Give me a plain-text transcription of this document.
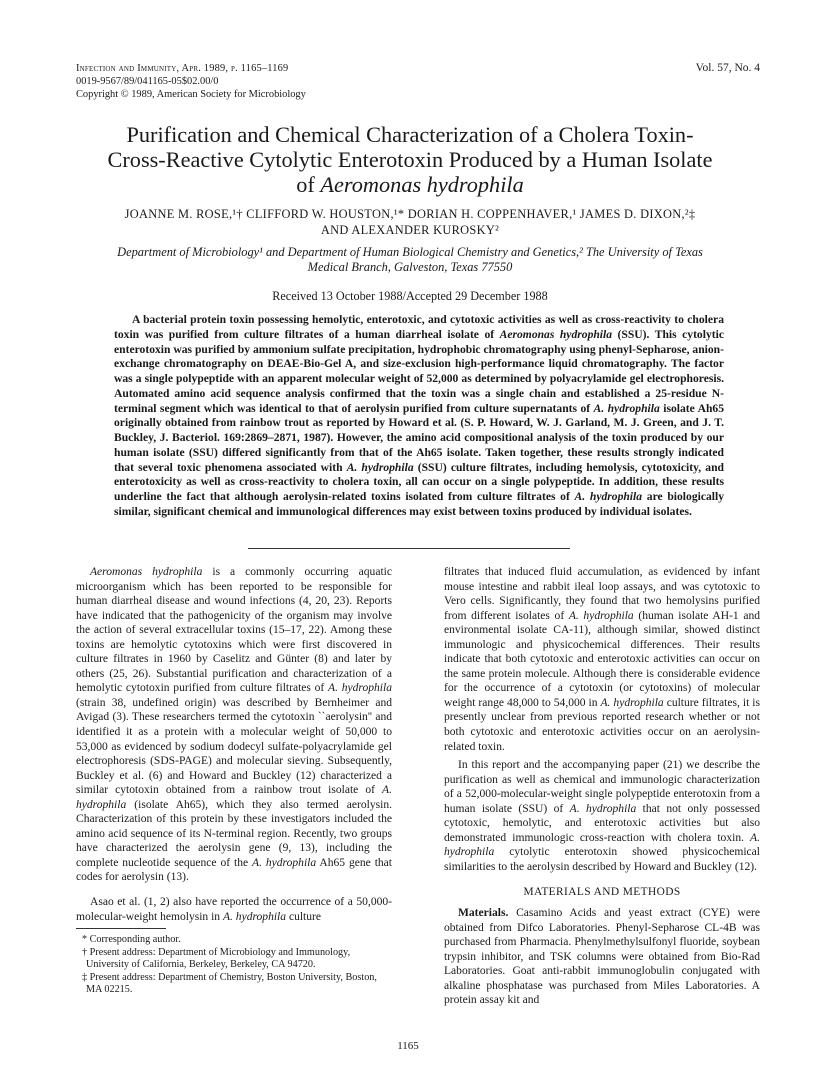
Infection and Immunity, Apr. 1989, p. 1165–1169
0019-9567/89/041165-05$02.00/0
Copyright © 1989, American Society for Microbiology
Vol. 57, No. 4
Purification and Chemical Characterization of a Cholera Toxin-
Cross-Reactive Cytolytic Enterotoxin Produced by a Human Isolate
of Aeromonas hydrophila
JOANNE M. ROSE,¹† CLIFFORD W. HOUSTON,¹* DORIAN H. COPPENHAVER,¹ JAMES D. DIXON,²‡
AND ALEXANDER KUROSKY²
Department of Microbiology¹ and Department of Human Biological Chemistry and Genetics,² The University of Texas
Medical Branch, Galveston, Texas 77550
Received 13 October 1988/Accepted 29 December 1988
A bacterial protein toxin possessing hemolytic, enterotoxic, and cytotoxic activities as well as cross-reactivity to cholera toxin was purified from culture filtrates of a human diarrheal isolate of Aeromonas hydrophila (SSU). This cytolytic enterotoxin was purified by ammonium sulfate precipitation, hydrophobic chromatography using phenyl-Sepharose, anion-exchange chromatography on DEAE-Bio-Gel A, and size-exclusion high-performance liquid chromatography. The factor was a single polypeptide with an apparent molecular weight of 52,000 as determined by polyacrylamide gel electrophoresis. Automated amino acid sequence analysis confirmed that the toxin was a single chain and established a 25-residue N-terminal segment which was identical to that of aerolysin purified from culture supernatants of A. hydrophila isolate Ah65 originally obtained from rainbow trout as reported by Howard et al. (S. P. Howard, W. J. Garland, M. J. Green, and J. T. Buckley, J. Bacteriol. 169:2869–2871, 1987). However, the amino acid compositional analysis of the toxin produced by our human isolate (SSU) differed significantly from that of the Ah65 isolate. Taken together, these results strongly indicated that several toxic phenomena associated with A. hydrophila (SSU) culture filtrates, including hemolysis, cytotoxicity, and enterotoxicity as well as cross-reactivity to cholera toxin, all can occur on a single polypeptide. In addition, these results underline the fact that although aerolysin-related toxins isolated from culture filtrates of A. hydrophila are biologically similar, significant chemical and immunological differences may exist between toxins produced by individual isolates.

Aeromonas hydrophila is a commonly occurring aquatic microorganism which has been reported to be responsible for human diarrheal disease and wound infections (4, 20, 23). Reports have indicated that the pathogenicity of the organism may involve the action of several extracellular toxins (15–17, 22). Among these toxins are hemolytic cytotoxins which were first discovered in culture filtrates in 1960 by Caselitz and Günter (8) and later by others (25, 26). Substantial purification and characterization of a hemolytic cytotoxin purified from culture filtrates of A. hydrophila (strain 38, undefined origin) was described by Bernheimer and Avigad (3). These researchers termed the cytotoxin ``aerolysin'' and identified it as a protein with a molecular weight of 50,000 to 53,000 as evidenced by sodium dodecyl sulfate-polyacrylamide gel electrophoresis (SDS-PAGE) and molecular sieving. Subsequently, Buckley et al. (6) and Howard and Buckley (12) characterized a similar cytotoxin obtained from a rainbow trout isolate of A. hydrophila (isolate Ah65), which they also termed aerolysin. Characterization of this protein by these investigators included the amino acid sequence of its N-terminal region. Recently, two groups have characterized the aerolysin gene (9, 13), including the complete nucleotide sequence of the A. hydrophila Ah65 gene that codes for aerolysin (13).

Asao et al. (1, 2) also have reported the occurrence of a 50,000-molecular-weight hemolysin in A. hydrophila culture

* Corresponding author.
† Present address: Department of Microbiology and Immunology, University of California, Berkeley, Berkeley, CA 94720.
‡ Present address: Department of Chemistry, Boston University, Boston, MA 02215.

filtrates that induced fluid accumulation, as evidenced by infant mouse intestine and rabbit ileal loop assays, and was cytotoxic to Vero cells. Significantly, they found that two hemolysins purified from different isolates of A. hydrophila (human isolate AH-1 and environmental isolate CA-11), although similar, showed distinct immunologic and physicochemical differences. Their results indicate that both cytotoxic and enterotoxic activities can occur on the same protein molecule. Although there is considerable evidence for the occurrence of a cytotoxin (or cytotoxins) of molecular weight range 48,000 to 54,000 in A. hydrophila culture filtrates, it is presently unclear from previous reported research whether or not both cytotoxic and enterotoxic activities occur on an aerolysin-related toxin.

In this report and the accompanying paper (21) we describe the purification as well as chemical and immunologic characterization of a 52,000-molecular-weight single polypeptide enterotoxin from a human isolate (SSU) of A. hydrophila that not only possessed cytotoxic, hemolytic, and enterotoxic activities but also demonstrated immunologic cross-reaction with cholera toxin. A. hydrophila cytolytic enterotoxin showed physicochemical similarities to the aerolysin described by Howard and Buckley (12).

MATERIALS AND METHODS

Materials. Casamino Acids and yeast extract (CYE) were obtained from Difco Laboratories. Phenyl-Sepharose CL-4B was purchased from Pharmacia. Phenylmethylsulfonyl fluoride, soybean trypsin inhibitor, and TSK columns were obtained from Bio-Rad Laboratories. Goat anti-rabbit immunoglobulin conjugated with alkaline phosphatase was purchased from Miles Laboratories. A protein assay kit and

1165
